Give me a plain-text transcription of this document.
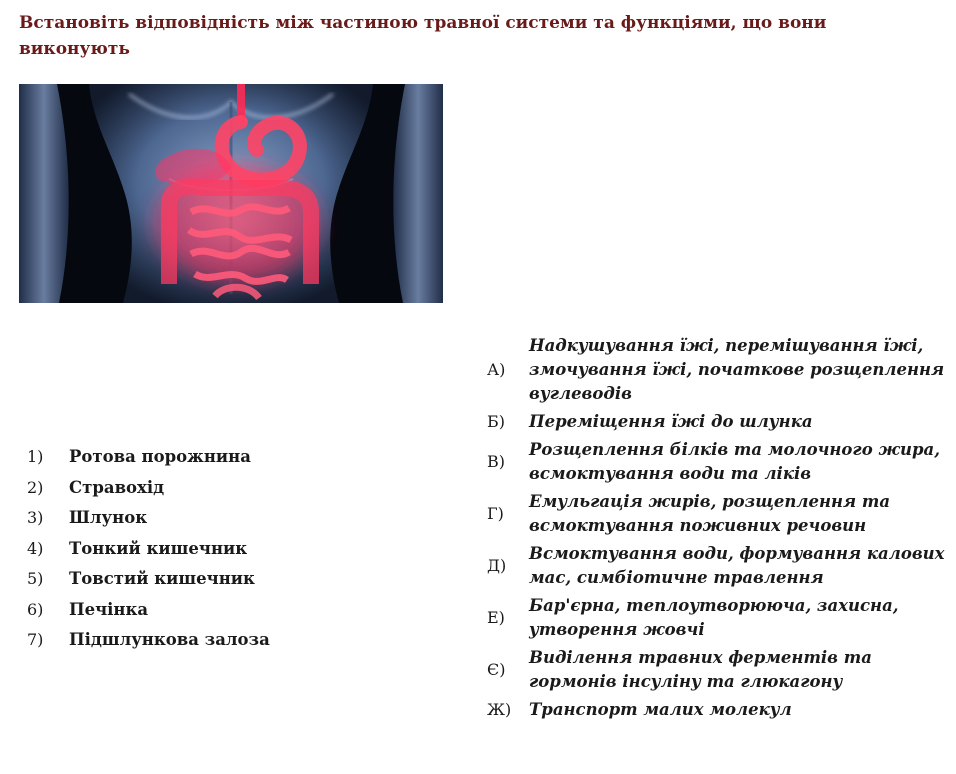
Встановіть відповідність між частиною травної системи та функціями, що вони виконують
1)	Ротова порожнина
2)	Стравохід
3)	Шлунок
4)	Тонкий кишечник
5)	Товстий кишечник
6)	Печінка
7)	Підшлункова залоза
А)
Надкушування їжі, перемішування їжі, змочування їжі, початкове розщеплення вуглеводів
Б)	Переміщення їжі до шлунка
В)
Розщеплення білків та молочного жира, всмоктування води та ліків
Г)
Емульгація жирів, розщеплення та всмоктування поживних речовин
Д)
Всмоктування води, формування калових мас, симбіотичне травлення
Е)
Бар'єрна, теплоутворююча, захисна, утворення жовчі
Є)
Виділення травних ферментів та гормонів інсуліну та глюкагону
Ж)	Транспорт малих молекул
